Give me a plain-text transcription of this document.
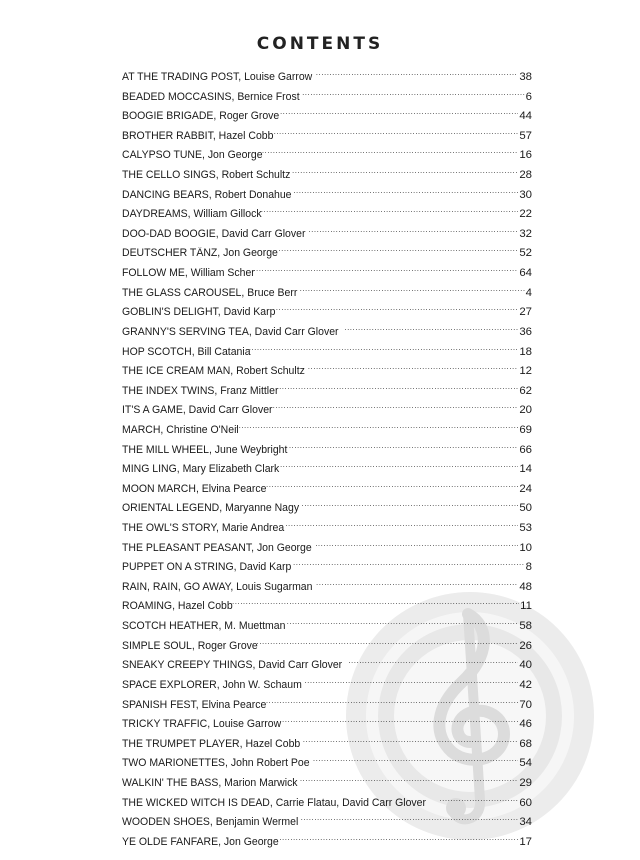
CONTENTS
AT THE TRADING POST, Louise Garrow .....	38
BEADED MOCCASINS, Bernice Frost .....	6
BOOGIE BRIGADE, Roger Grove .....	44
BROTHER RABBIT, Hazel Cobb .....	57
CALYPSO TUNE, Jon George .....	16
THE CELLO SINGS, Robert Schultz .....	28
DANCING BEARS, Robert Donahue .....	30
DAYDREAMS, William Gillock .....	22
DOO-DAD BOOGIE, David Carr Glover .....	32
DEUTSCHER TÄNZ, Jon George .....	52
FOLLOW ME, William Scher .....	64
THE GLASS CAROUSEL, Bruce Berr .....	4
GOBLIN'S DELIGHT, David Karp .....	27
GRANNY'S SERVING TEA, David Carr Glover .....	36
HOP SCOTCH, Bill Catania .....	18
THE ICE CREAM MAN, Robert Schultz .....	12
THE INDEX TWINS, Franz Mittler .....	62
IT'S A GAME, David Carr Glover .....	20
MARCH, Christine O'Neil .....	69
THE MILL WHEEL, June Weybright .....	66
MING LING, Mary Elizabeth Clark .....	14
MOON MARCH, Elvina Pearce .....	24
ORIENTAL LEGEND, Maryanne Nagy .....	50
THE OWL'S STORY, Marie Andrea .....	53
THE PLEASANT PEASANT, Jon George .....	10
PUPPET ON A STRING, David Karp .....	8
RAIN, RAIN, GO AWAY, Louis Sugarman .....	48
ROAMING, Hazel Cobb .....	11
SCOTCH HEATHER, M. Muettman .....	58
SIMPLE SOUL, Roger Grove .....	26
SNEAKY CREEPY THINGS, David Carr Glover .....	40
SPACE EXPLORER, John W. Schaum .....	42
SPANISH FEST, Elvina Pearce .....	70
TRICKY TRAFFIC, Louise Garrow .....	46
THE TRUMPET PLAYER, Hazel Cobb .....	68
TWO MARIONETTES, John Robert Poe .....	54
WALKIN' THE BASS, Marion Marwick .....	29
THE WICKED WITCH IS DEAD, Carrie Flatau, David Carr Glover .....	60
WOODEN SHOES, Benjamin Wermel .....	34
YE OLDE FANFARE, Jon George .....	17
